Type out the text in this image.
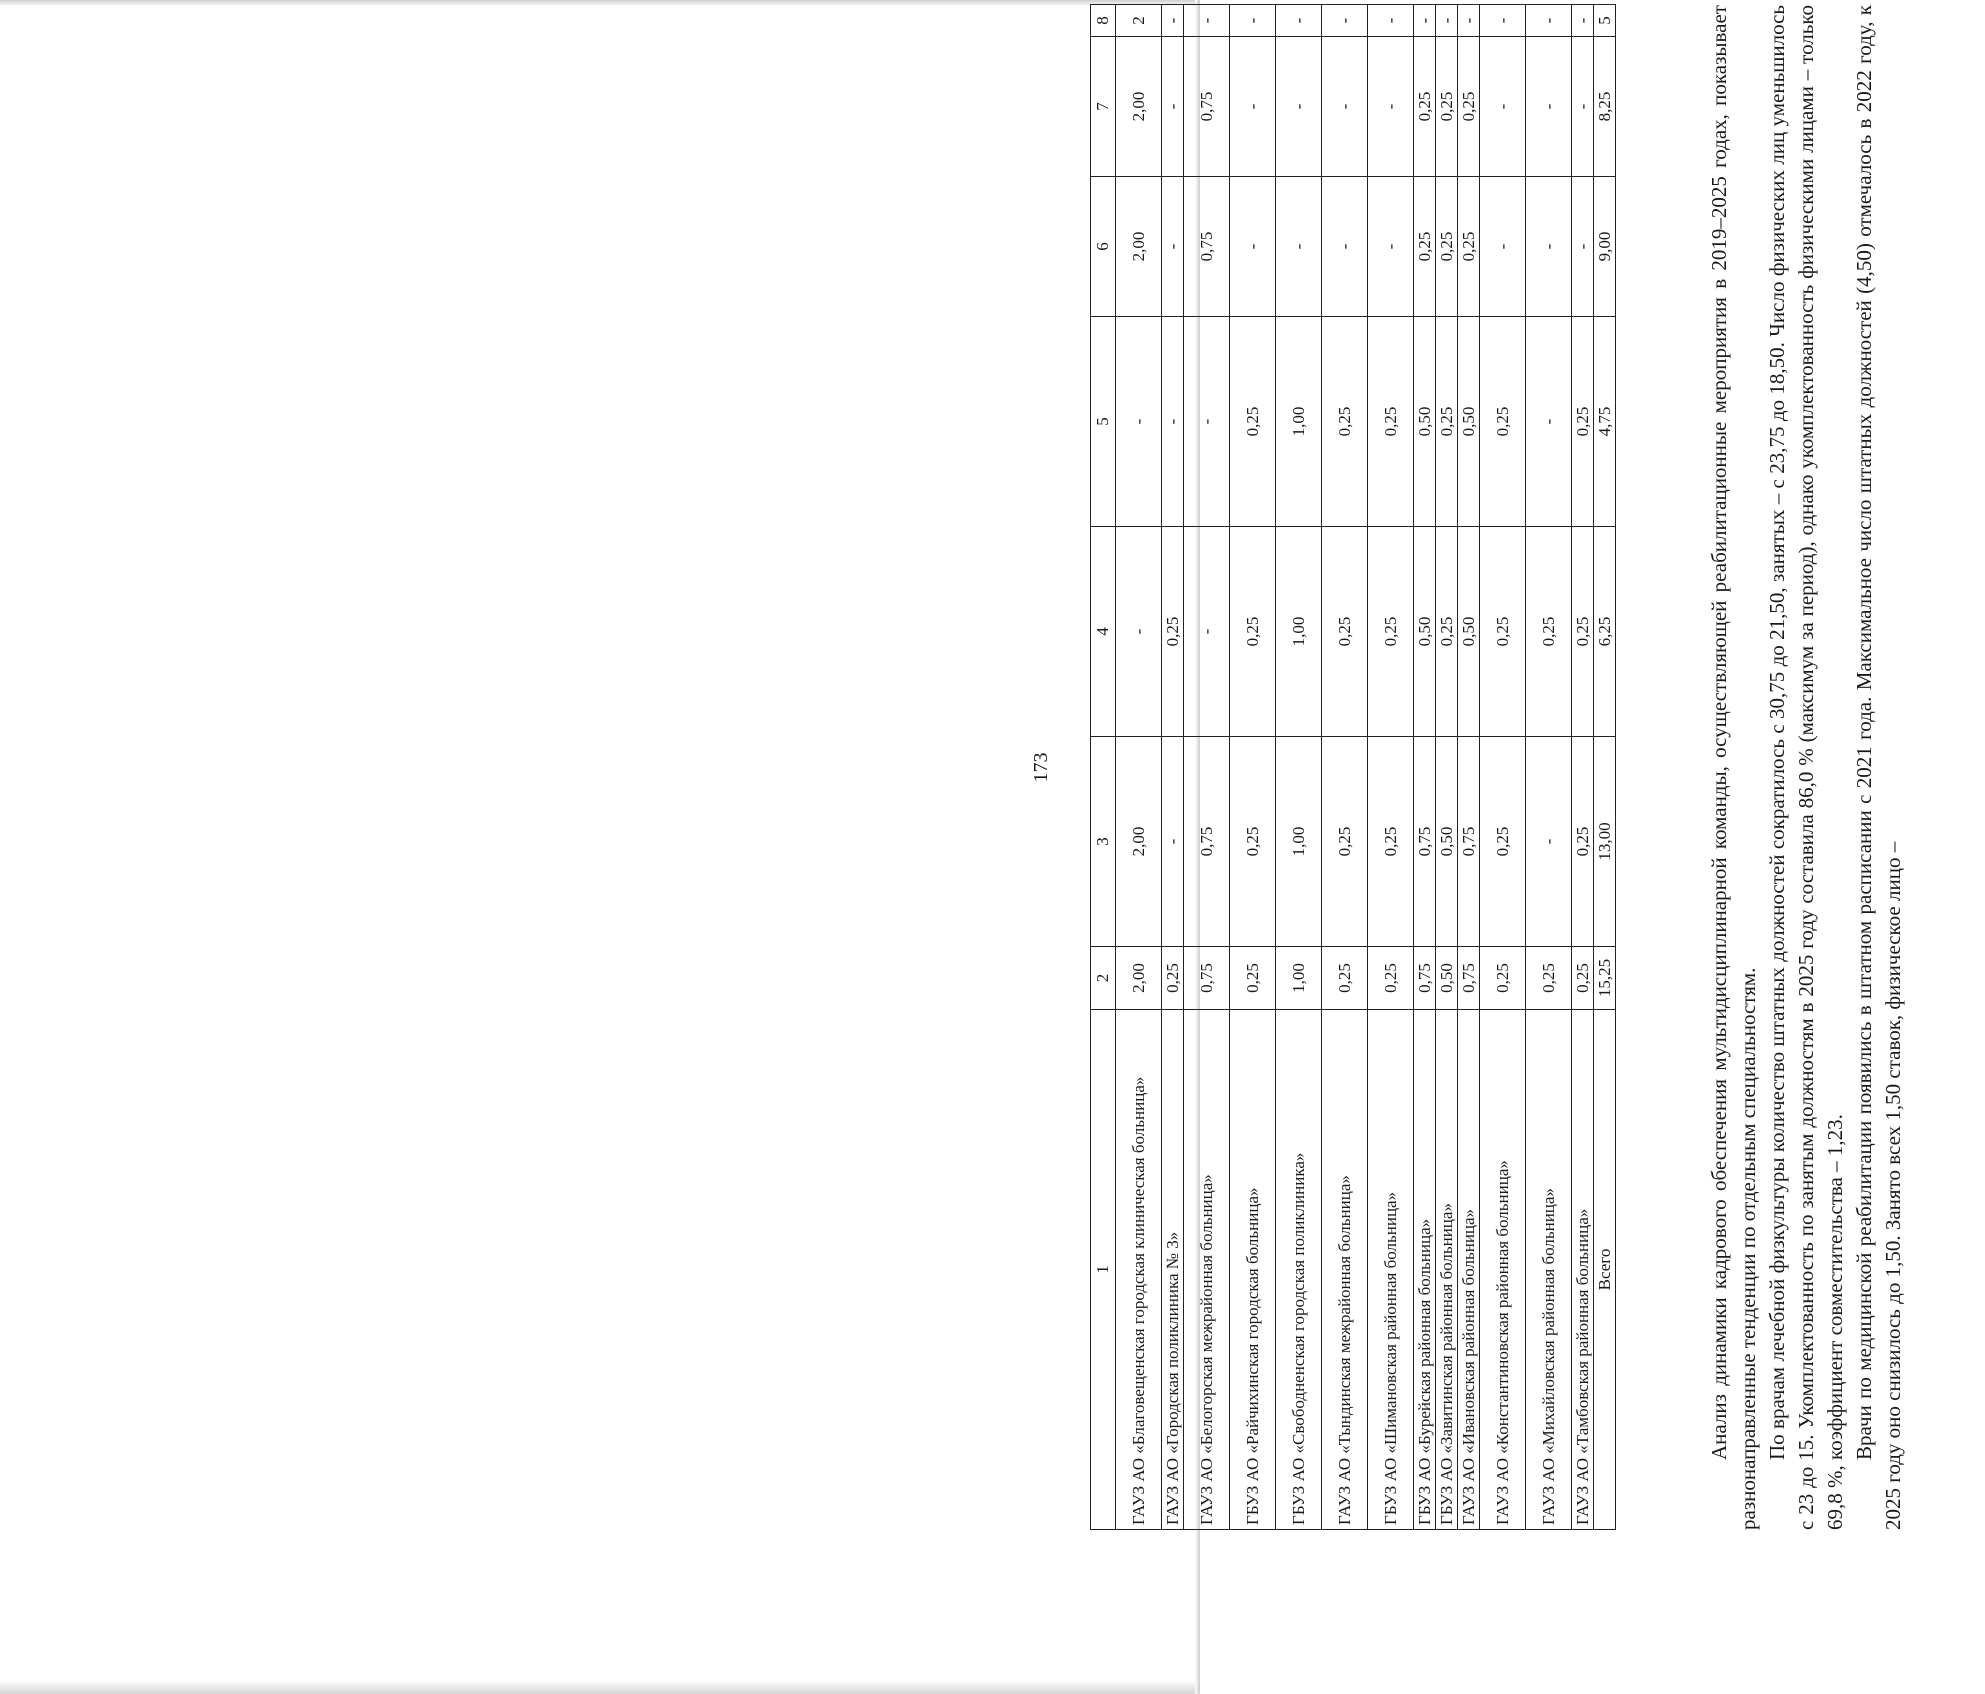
173
1	2	3	4	5	6	7	8
ГАУЗ АО «Благовещенская городская клиническая больница»	2,00	2,00	-	-	2,00	2,00	2
ГАУЗ АО «Городская поликлиника № 3»	0,25	-	0,25	-	-	-	-
ГАУЗ АО «Белогорская межрайонная больница»	0,75	0,75	-	-	0,75	0,75	-
ГБУЗ АО «Райчихинская городская больница»	0,25	0,25	0,25	0,25	-	-	-
ГБУЗ АО «Свободненская городская поликлиника»	1,00	1,00	1,00	1,00	-	-	-
ГАУЗ АО «Тындинская межрайонная больница»	0,25	0,25	0,25	0,25	-	-	-
ГБУЗ АО «Шимановская районная больница»	0,25	0,25	0,25	0,25	-	-	-
ГБУЗ АО «Бурейская районная больница»	0,75	0,75	0,50	0,50	0,25	0,25	-
ГБУЗ АО «Завитинская районная больница»	0,50	0,50	0,25	0,25	0,25	0,25	-
ГАУЗ АО «Ивановская районная больница»	0,75	0,75	0,50	0,50	0,25	0,25	-
ГАУЗ АО «Константиновская районная больница»	0,25	0,25	0,25	0,25	-	-	-
ГАУЗ АО «Михайловская районная больница»	0,25	-	0,25	-	-	-	-
ГАУЗ АО «Тамбовская районная больница»	0,25	0,25	0,25	0,25	-	-	-
Всего	15,25	13,00	6,25	4,75	9,00	8,25	5	Анализ динамики кадрового обеспечения мультидисциплинарной команды, осуществляющей реабилитационные мероприятия в 2019–2025 годах, показывает разнонаправленные тенденции по отдельным специальностям. По врачам лечебной физкультуры количество штатных должностей сократилось с 30,75 до 21,50, занятых – с 23,75 до 18,50. Число физических лиц уменьшилось с 23 до 15. Укомплектованность по занятым должностям в 2025 году составила 86,0 % (максимум за период), однако укомплектованность физическими лицами – только 69,8 %, коэффициент совместительства – 1,23. Врачи по медицинской реабилитации появились в штатном расписании с 2021 года. Максимальное число штатных должностей (4,50) отмечалось в 2022 году, к 2025 году оно снизилось до 1,50. Занято всех 1,50 ставок, физическое лицо –
